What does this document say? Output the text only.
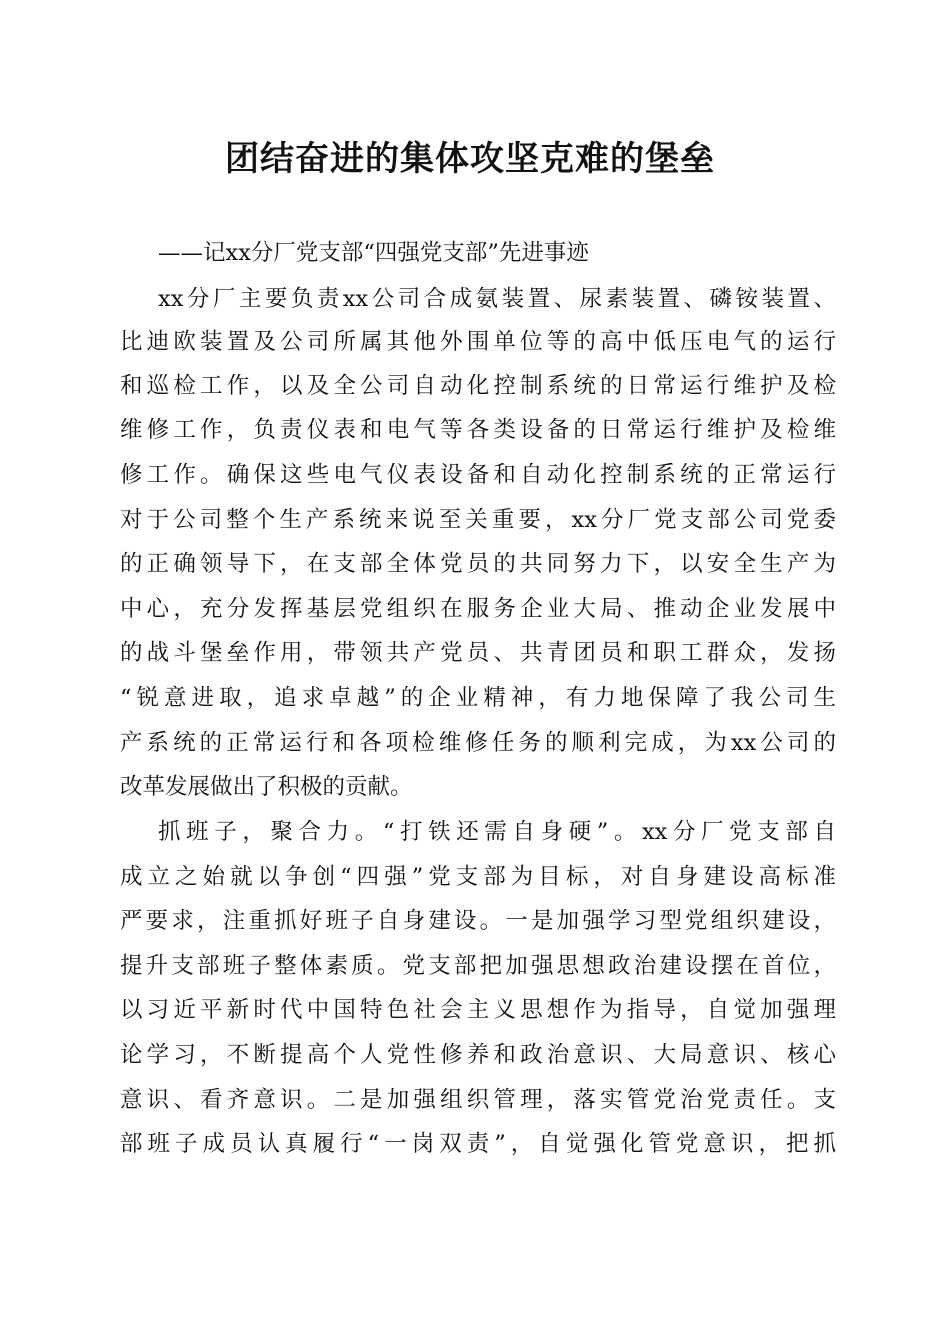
团结奋进的集体攻坚克难的堡垒

——记xx分厂党支部“四强党支部”先进事迹

xx分厂主要负责xx公司合成氨装置、尿素装置、磷铵装置、

比迪欧装置及公司所属其他外围单位等的高中低压电气的运行

和巡检工作，以及全公司自动化控制系统的日常运行维护及检

维修工作，负责仪表和电气等各类设备的日常运行维护及检维

修工作。确保这些电气仪表设备和自动化控制系统的正常运行

对于公司整个生产系统来说至关重要，xx分厂党支部公司党委

的正确领导下，在支部全体党员的共同努力下，以安全生产为

中心，充分发挥基层党组织在服务企业大局、推动企业发展中

的战斗堡垒作用，带领共产党员、共青团员和职工群众，发扬

“锐意进取，追求卓越”的企业精神，有力地保障了我公司生

产系统的正常运行和各项检维修任务的顺利完成，为xx公司的

改革发展做出了积极的贡献。

抓班子，聚合力。“打铁还需自身硬”。xx分厂党支部自

成立之始就以争创“四强”党支部为目标，对自身建设高标准

严要求，注重抓好班子自身建设。一是加强学习型党组织建设，

提升支部班子整体素质。党支部把加强思想政治建设摆在首位，

以习近平新时代中国特色社会主义思想作为指导，自觉加强理

论学习，不断提高个人党性修养和政治意识、大局意识、核心

意识、看齐意识。二是加强组织管理，落实管党治党责任。支

部班子成员认真履行“一岗双责”，自觉强化管党意识，把抓
